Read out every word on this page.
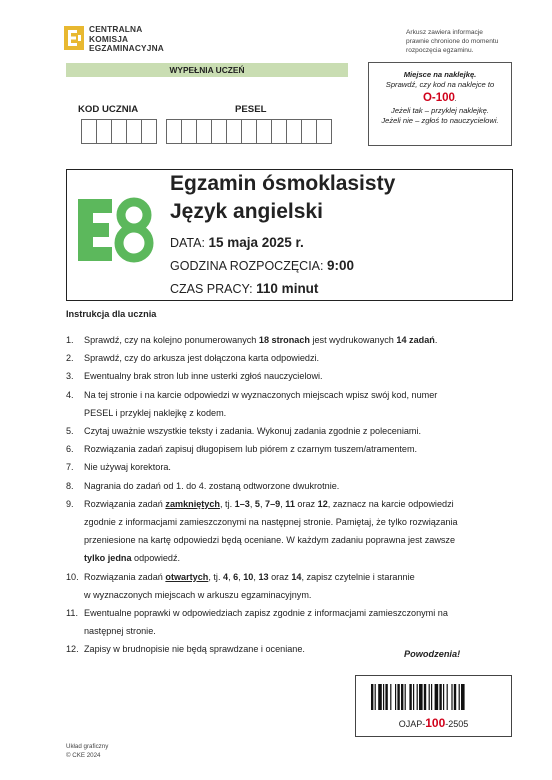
CENTRALNA
KOMISJA
EGZAMINACYJNA
Arkusz zawiera informacje
prawnie chronione do momentu
rozpoczęcia egzaminu.
WYPEŁNIA UCZEŃ
KOD UCZNIA	PESEL
Miejsce na naklejkę.
Sprawdź, czy kod na naklejce to
O-100.
Jeżeli tak – przyklej naklejkę.
Jeżeli nie – zgłoś to nauczycielowi.
Egzamin ósmoklasisty
Język angielski
DATA: 15 maja 2025 r.
GODZINA ROZPOCZĘCIA: 9:00
CZAS PRACY: 110 minut
Instrukcja dla ucznia
1.	Sprawdź, czy na kolejno ponumerowanych 18 stronach jest wydrukowanych 14 zadań.
2.	Sprawdź, czy do arkusza jest dołączona karta odpowiedzi.
3.	Ewentualny brak stron lub inne usterki zgłoś nauczycielowi.
4.	Na tej stronie i na karcie odpowiedzi w wyznaczonych miejscach wpisz swój kod, numer
PESEL i przyklej naklejkę z kodem.
5.	Czytaj uważnie wszystkie teksty i zadania. Wykonuj zadania zgodnie z poleceniami.
6.	Rozwiązania zadań zapisuj długopisem lub piórem z czarnym tuszem/atramentem.
7.	Nie używaj korektora.
8.	Nagrania do zadań od 1. do 4. zostaną odtworzone dwukrotnie.
9.	Rozwiązania zadań zamkniętych, tj. 1–3, 5, 7–9, 11 oraz 12, zaznacz na karcie odpowiedzi
zgodnie z informacjami zamieszczonymi na następnej stronie. Pamiętaj, że tylko rozwiązania
przeniesione na kartę odpowiedzi będą oceniane. W każdym zadaniu poprawna jest zawsze
tylko jedna odpowiedź.
10. Rozwiązania zadań otwartych, tj. 4, 6, 10, 13 oraz 14, zapisz czytelnie i starannie
w wyznaczonych miejscach w arkuszu egzaminacyjnym.
11. Ewentualne poprawki w odpowiedziach zapisz zgodnie z informacjami zamieszczonymi na
następnej stronie.
12. Zapisy w brudnopisie nie będą sprawdzane i oceniane.	Powodzenia!
OJAP-100-2505
Układ graficzny
© CKE 2024
